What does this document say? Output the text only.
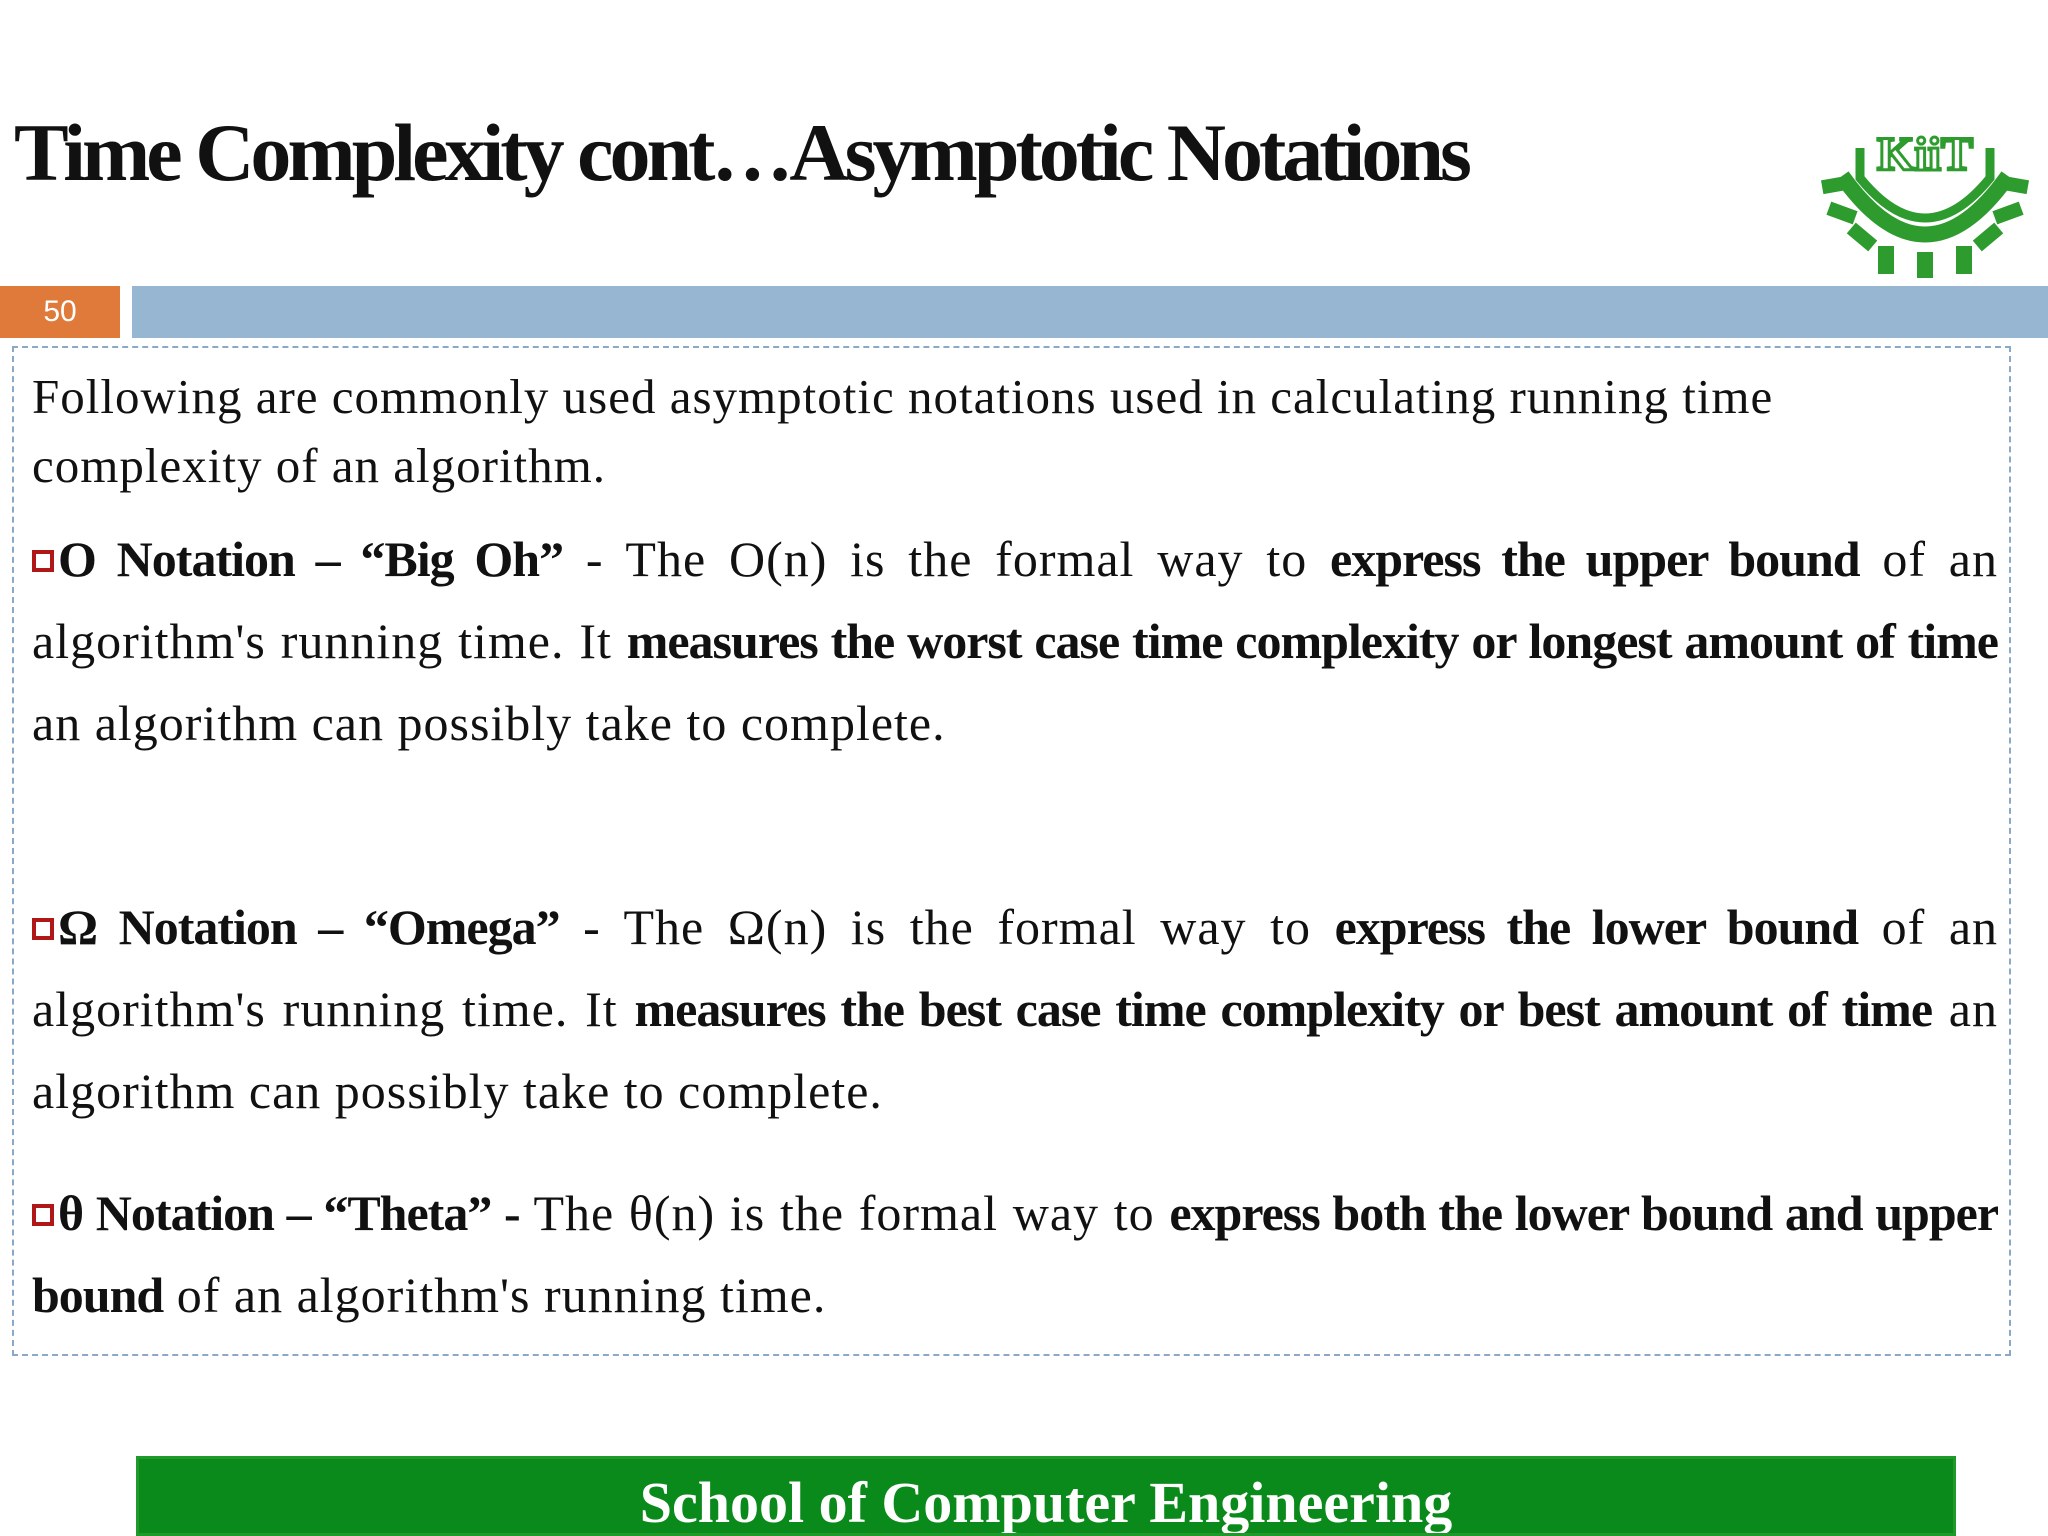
Time Complexity cont…Asymptotic Notations	KiiT
50
Following are commonly used asymptotic notations used in calculating running time complexity of an algorithm.
O Notation – “Big Oh” - The O(n) is the formal way to express the upper bound of an algorithm's running time. It measures the worst case time complexity or longest amount of time an algorithm can possibly take to complete.
Ω Notation – “Omega” - The Ω(n) is the formal way to express the lower bound of an algorithm's running time. It measures the best case time complexity or best amount of time an algorithm can possibly take to complete.
θ Notation – “Theta” - The θ(n) is the formal way to express both the lower bound and upper bound of an algorithm's running time.
School of Computer Engineering
